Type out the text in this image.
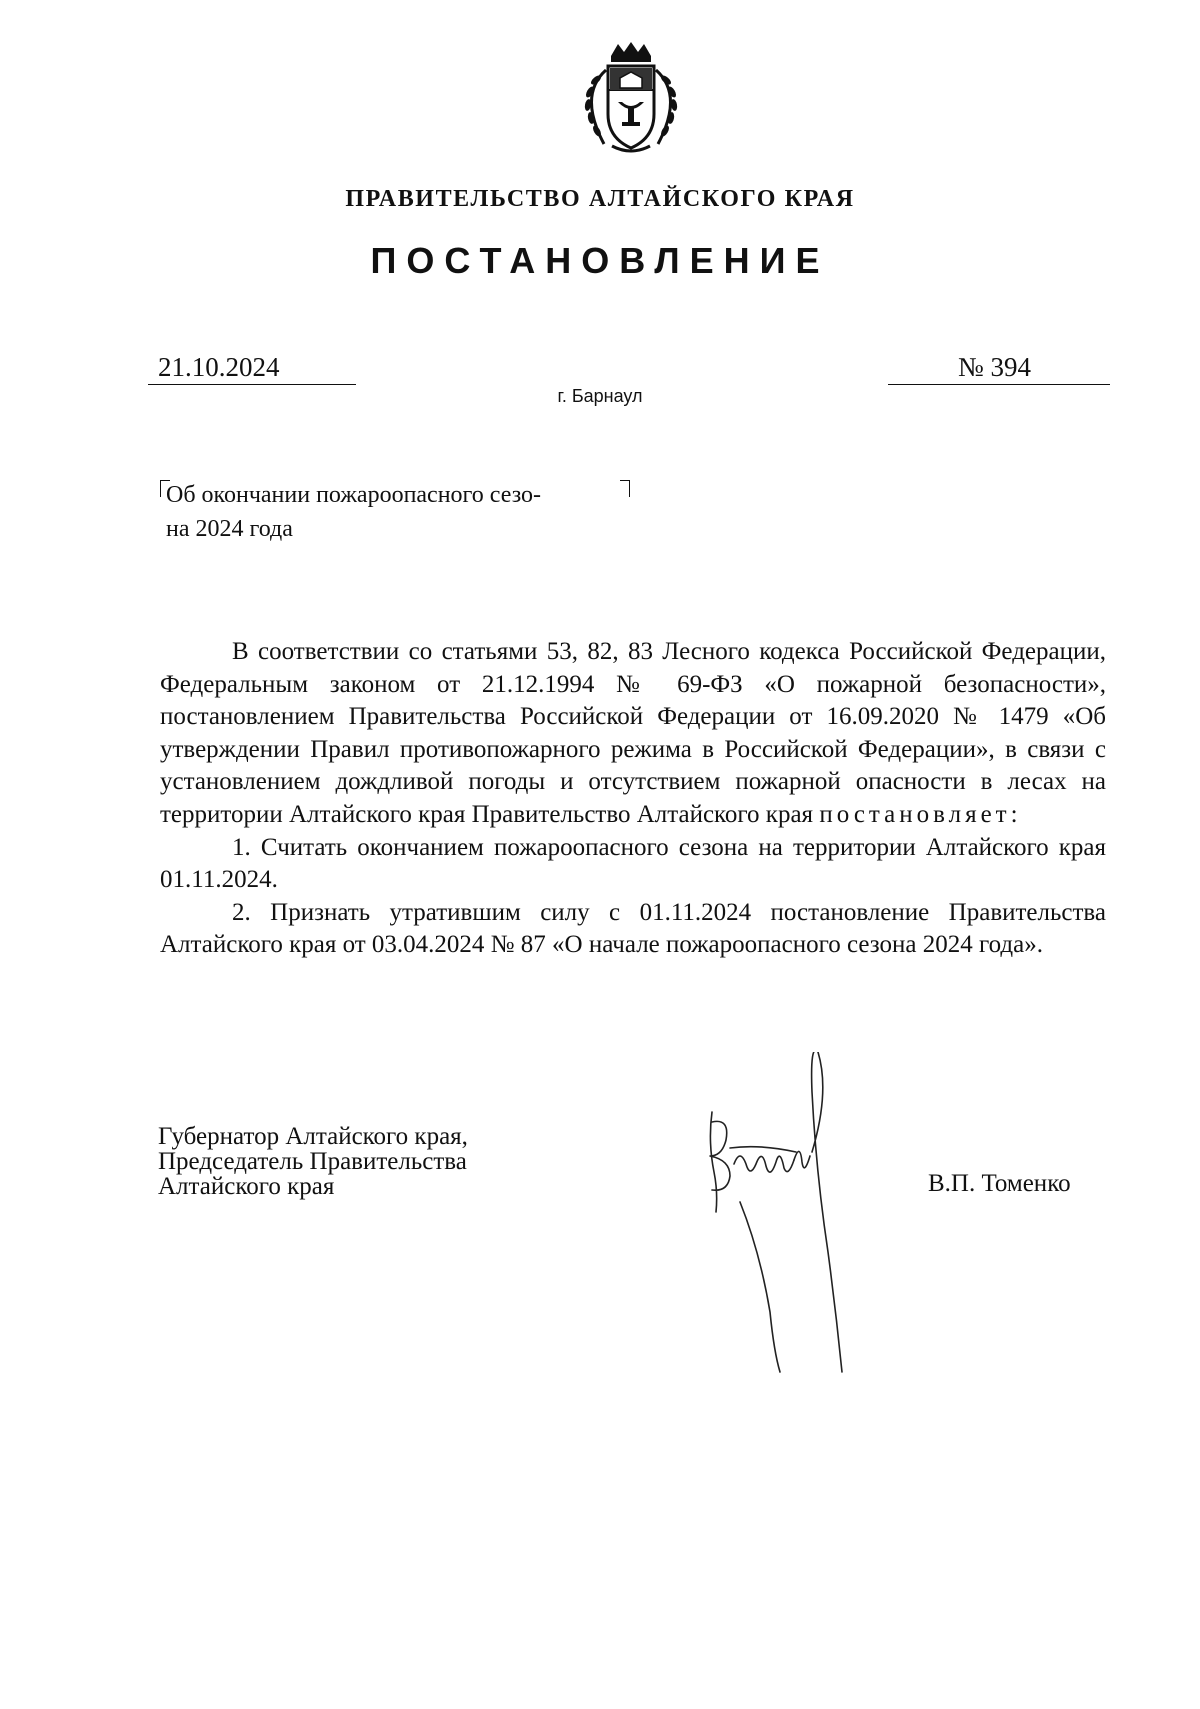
ПРАВИТЕЛЬСТВО АЛТАЙСКОГО КРАЯ
ПОСТАНОВЛЕНИЕ
21.10.2024	№ 394
г. Барнаул
Об окончании пожароопасного сезо-
на 2024 года

В соответствии со статьями 53, 82, 83 Лесного кодекса Российской Федерации, Федеральным законом от 21.12.1994 № 69-ФЗ «О пожарной безопасности», постановлением Правительства Российской Федерации от 16.09.2020 № 1479 «Об утверждении Правил противопожарного режима в Российской Федерации», в связи с установлением дождливой погоды и отсутствием пожарной опасности в лесах на территории Алтайского края Правительство Алтайского края постановляет:

1. Считать окончанием пожароопасного сезона на территории Алтайского края 01.11.2024.

2. Признать утратившим силу с 01.11.2024 постановление Правительства Алтайского края от 03.04.2024 № 87 «О начале пожароопасного сезона 2024 года».

Губернатор Алтайского края,
Председатель Правительства
Алтайского края	В.П. Томенко
